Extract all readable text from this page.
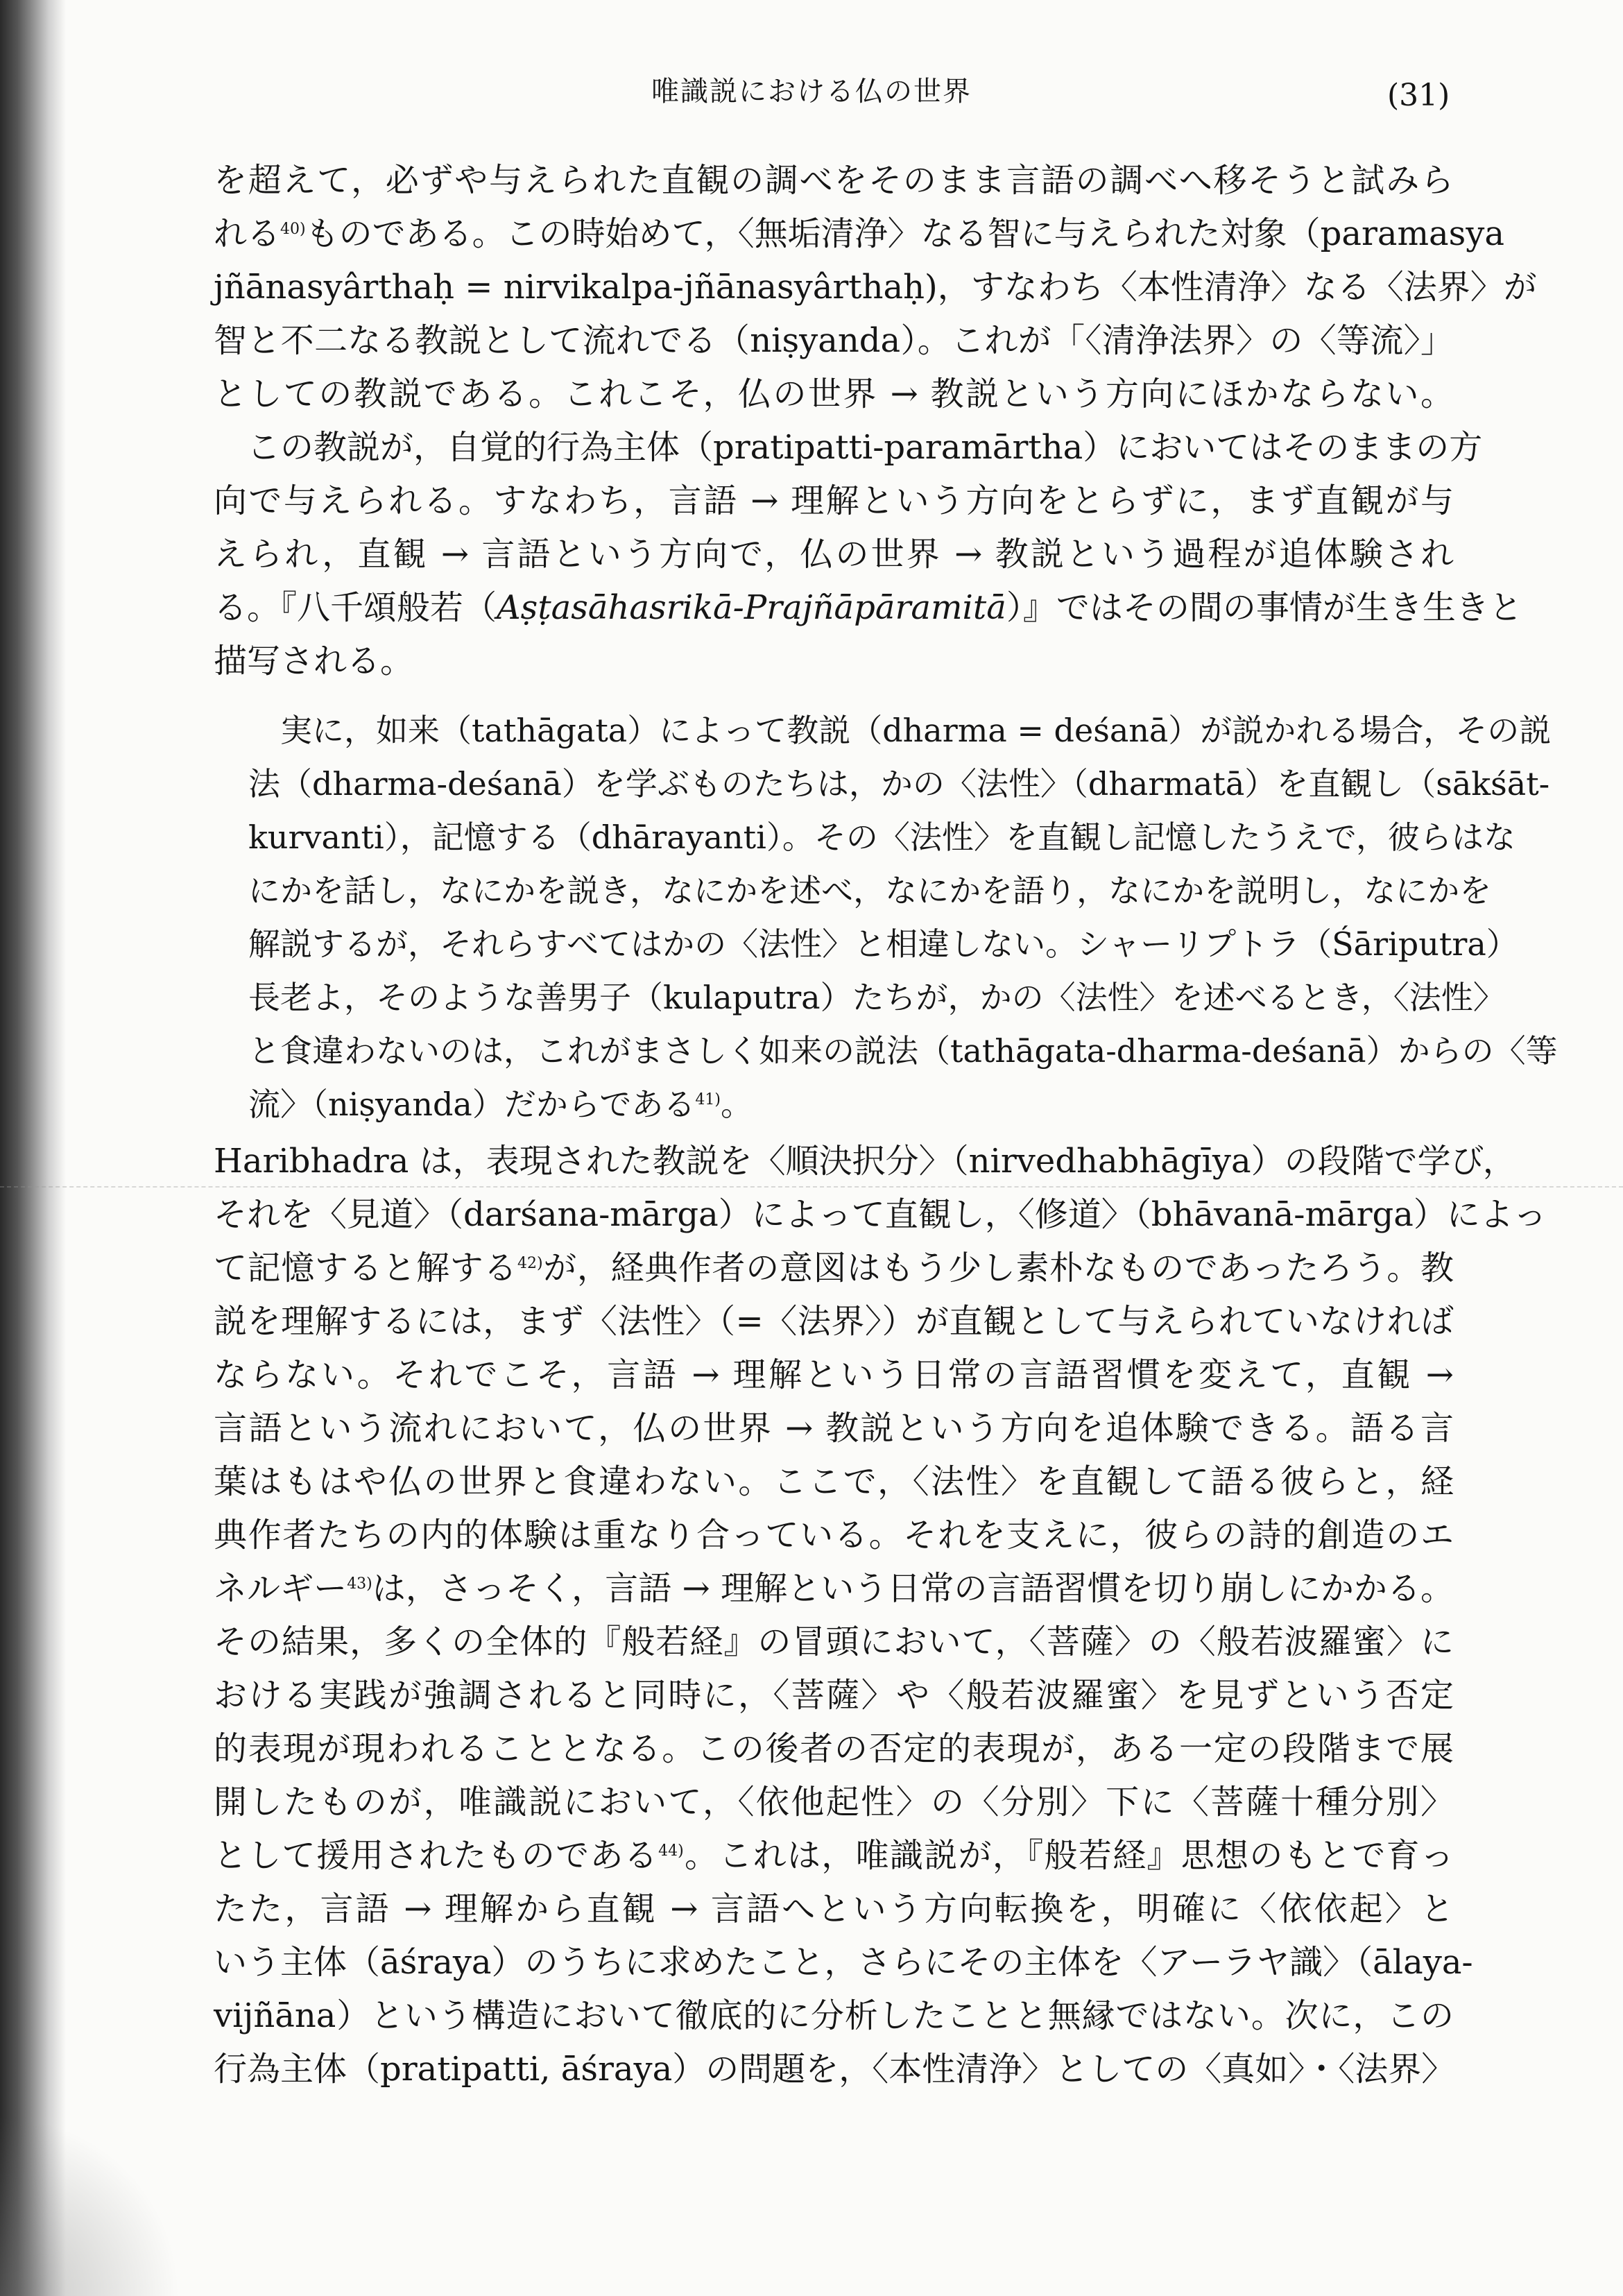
唯識説における仏の世界	(31)
を超えて，必ずや与えられた直観の調べをそのまま言語の調べへ移そうと試みら
れる$^{40)}$ものである。この時始めて，〈無垢清浄〉なる智に与えられた対象（paramasya
jñānasyârthaḥ = nirvikalpa-jñānasyârthaḥ)，すなわち〈本性清浄〉なる〈法界〉が
智と不二なる教説として流れでる（niṣyanda）。これが「〈清浄法界〉の〈等流〉」
としての教説である。これこそ，仏の世界 → 教説という方向にほかならない。
　この教説が，自覚的行為主体（pratipatti-paramārtha）においてはそのままの方
向で与えられる。すなわち，言語 → 理解という方向をとらずに，まず直観が与
えられ，直観 → 言語という方向で，仏の世界 → 教説という過程が追体験され
る。『八千頌般若（Aṣṭasāhasrikā-Prajñāpāramitā）』ではその間の事情が生き生きと
描写される。
　実に，如来（tathāgata）によって教説（dharma = deśanā）が説かれる場合，その説
法（dharma-deśanā）を学ぶものたちは，かの〈法性〉（dharmatā）を直観し（sākśāt-
kurvanti），記憶する（dhārayanti）。その〈法性〉を直観し記憶したうえで，彼らはな
にかを話し，なにかを説き，なにかを述べ，なにかを語り，なにかを説明し，なにかを
解説するが，それらすべてはかの〈法性〉と相違しない。シャーリプトラ（Śāriputra）
長老よ，そのような善男子（kulaputra）たちが，かの〈法性〉を述べるとき，〈法性〉
と食違わないのは，これがまさしく如来の説法（tathāgata-dharma-deśanā）からの〈等
流〉（niṣyanda）だからである$^{41)}$。
Haribhadra は，表現された教説を〈順決択分〉（nirvedhabhāgīya）の段階で学び，
それを〈見道〉（darśana-mārga）によって直観し，〈修道〉（bhāvanā-mārga）によっ
て記憶すると解する$^{42)}$が，経典作者の意図はもう少し素朴なものであったろう。教
説を理解するには，まず〈法性〉（=〈法界〉）が直観として与えられていなければ
ならない。それでこそ，言語 → 理解という日常の言語習慣を変えて，直観 →
言語という流れにおいて，仏の世界 → 教説という方向を追体験できる。語る言
葉はもはや仏の世界と食違わない。ここで，〈法性〉を直観して語る彼らと，経
典作者たちの内的体験は重なり合っている。それを支えに，彼らの詩的創造のエ
ネルギー$^{43)}$は，さっそく，言語 → 理解という日常の言語習慣を切り崩しにかかる。
その結果，多くの全体的『般若経』の冒頭において，〈菩薩〉の〈般若波羅蜜〉に
おける実践が強調されると同時に，〈菩薩〉や〈般若波羅蜜〉を見ずという否定
的表現が現われることとなる。この後者の否定的表現が，ある一定の段階まで展
開したものが，唯識説において，〈依他起性〉の〈分別〉下に〈菩薩十種分別〉
として援用されたものである$^{44)}$。これは，唯識説が，『般若経』思想のもとで育っ
たた，言語 → 理解から直観 → 言語へという方向転換を，明確に〈依依起〉と
いう主体（āśraya）のうちに求めたこと，さらにその主体を〈アーラヤ識〉（ālaya-
vijñāna）という構造において徹底的に分析したことと無縁ではない。次に，この
行為主体（pratipatti, āśraya）の問題を，〈本性清浄〉としての〈真如〉・〈法界〉
